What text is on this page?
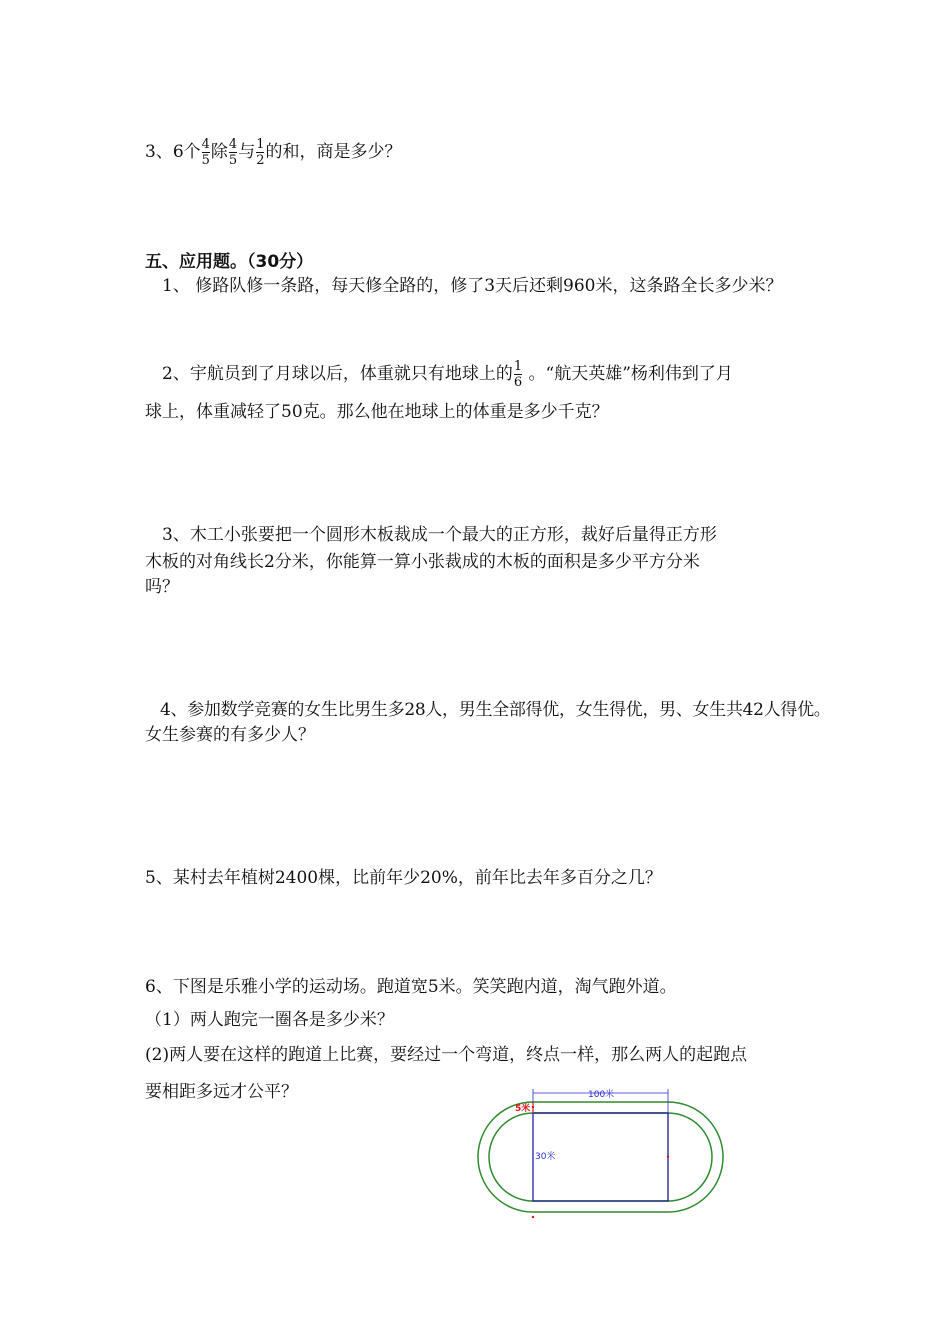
3、6个 $\frac{4}{5}$ 除 $\frac{4}{5}$ 与 $\frac{1}{2}$ 的和，商是多少？
五、应用题。（30分）
1、 修路队修一条路，每天修全路的，修了3天后还剩960米，这条路全长多少米？
2、宇航员到了月球以后，体重就只有地球上的 $\frac{1}{6}$ 。“航天英雄”杨利伟到了月
球上，体重减轻了50克。那么他在地球上的体重是多少千克？
3、木工小张要把一个圆形木板裁成一个最大的正方形，裁好后量得正方形
木板的对角线长2分米，你能算一算小张裁成的木板的面积是多少平方分米
吗？
4、参加数学竞赛的女生比男生多28人，男生全部得优，女生得优，男、女生共42人得优。
女生参赛的有多少人？
5、某村去年植树2400棵，比前年少20%，前年比去年多百分之几？
6、下图是乐雅小学的运动场。跑道宽5米。笑笑跑内道，淘气跑外道。
（1）两人跑完一圈各是多少米？
(2)两人要在这样的跑道上比赛，要经过一个弯道，终点一样，那么两人的起跑点
要相距多远才公平？	100米
5米
30米
